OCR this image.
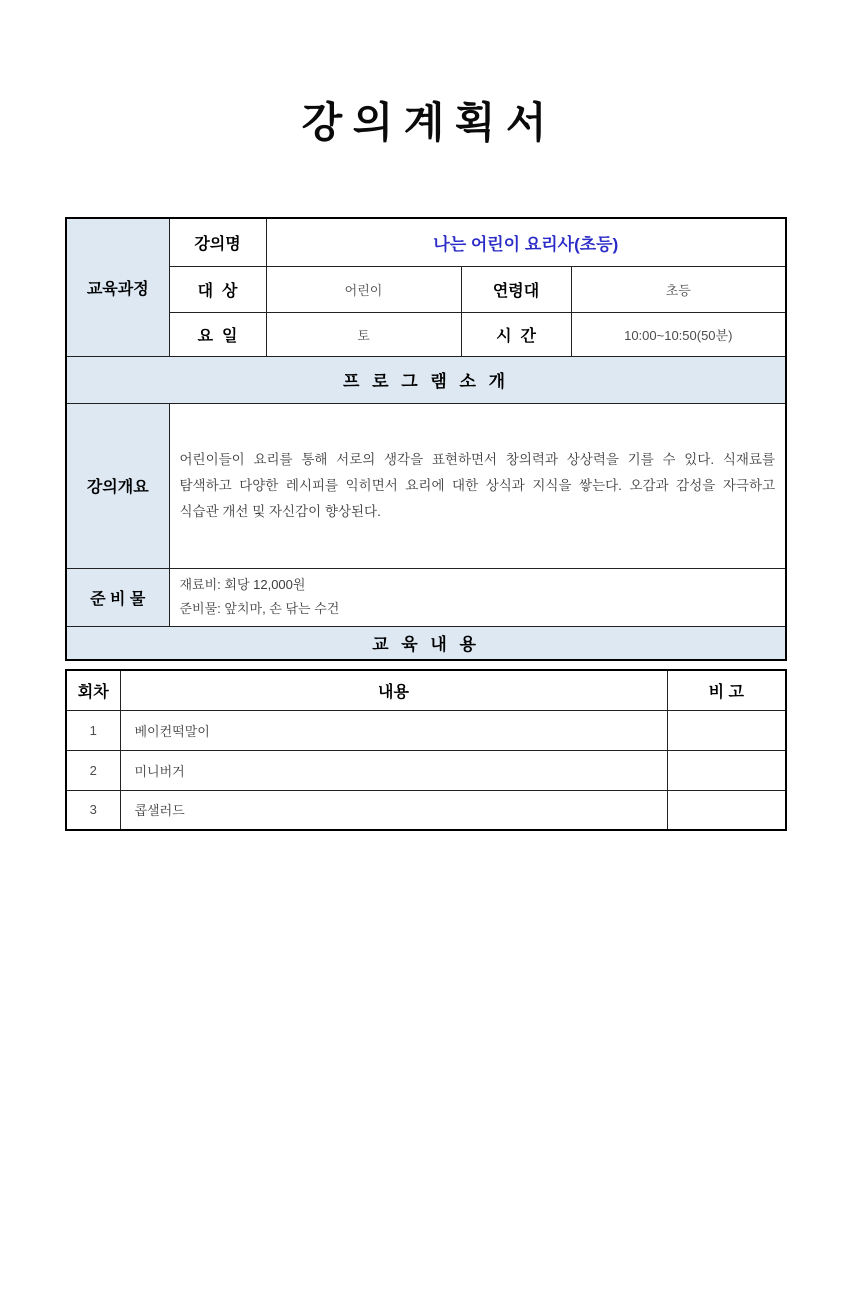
강 의 계 획 서
교육과정	강의명	나는 어린이 요리사(초등)		
	대  상	어린이	연령대	초등
	요  일	토	시  간	10:00~10:50(50분)
프 로 그 램 소 개				
강의개요	어린이들이 요리를 통해 서로의 생각을 표현하면서 창의력과 상상력을 기를 수 있다. 식재료를 탐색하고 다양한 레시피를 익히면서 요리에 대한 상식과 지식을 쌓는다. 오감과 감성을 자극하고 식습관 개선 및 자신감이 향상된다.			
준 비 물	재료비: 회당 12,000원
준비물: 앞치마, 손 닦는 수건			

교 육 내 용				
회차	내용	비 고
1	베이컨떡말이	
2	미니버거	
3	콥샐러드	
